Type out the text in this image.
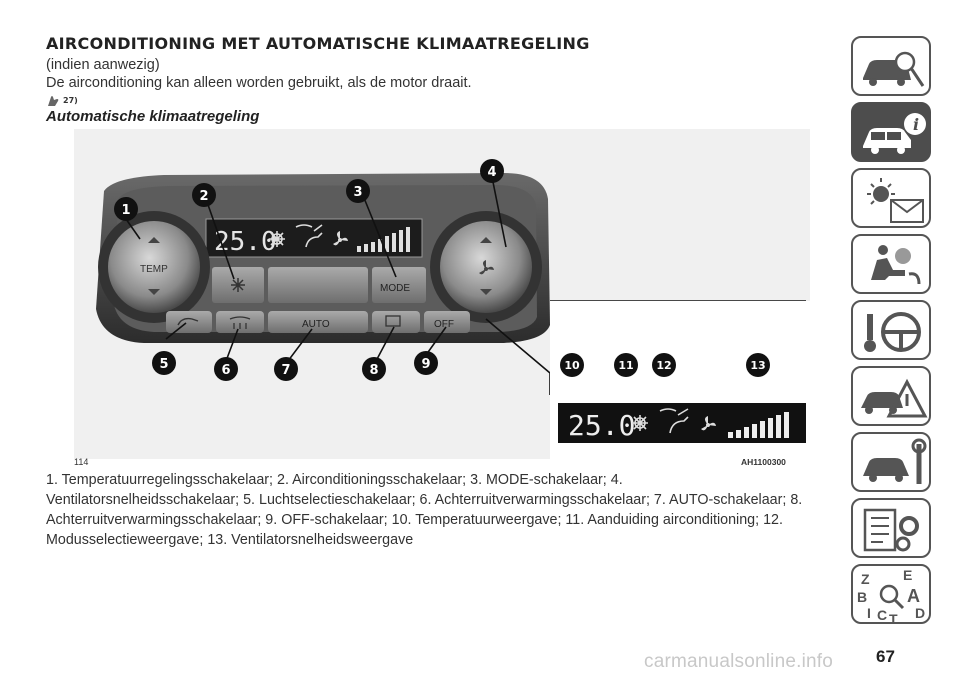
AIRCONDITIONING MET AUTOMATISCHE KLIMAATREGELING
(indien aanwezig)
De airconditioning kan alleen worden gebruikt, als de motor draait.
27)
Automatische klimaatregeling
25.0
TEMP
MODE
AUTO	OFF
25.0
1
2	3
4
5	6	7	8	9	10	11 12	13
114	AH1100300
1. Temperatuurregelingsschakelaar; 2. Airconditioningsschakelaar; 3. MODE-schakelaar; 4. Ventilatorsnelheidsschakelaar; 5. Luchtselectieschakelaar; 6. Achterruitverwarmingsschakelaar; 7. AUTO-schakelaar; 8. Achterruitverwarmingsschakelaar; 9. OFF-schakelaar; 10. Temperatuurweergave; 11. Aanduiding airconditioning; 12. Modusselectieweergave; 13. Ventilatorsnelheidsweergave
i
Z E
B A
I C T D
carmanualsonline.info	67
